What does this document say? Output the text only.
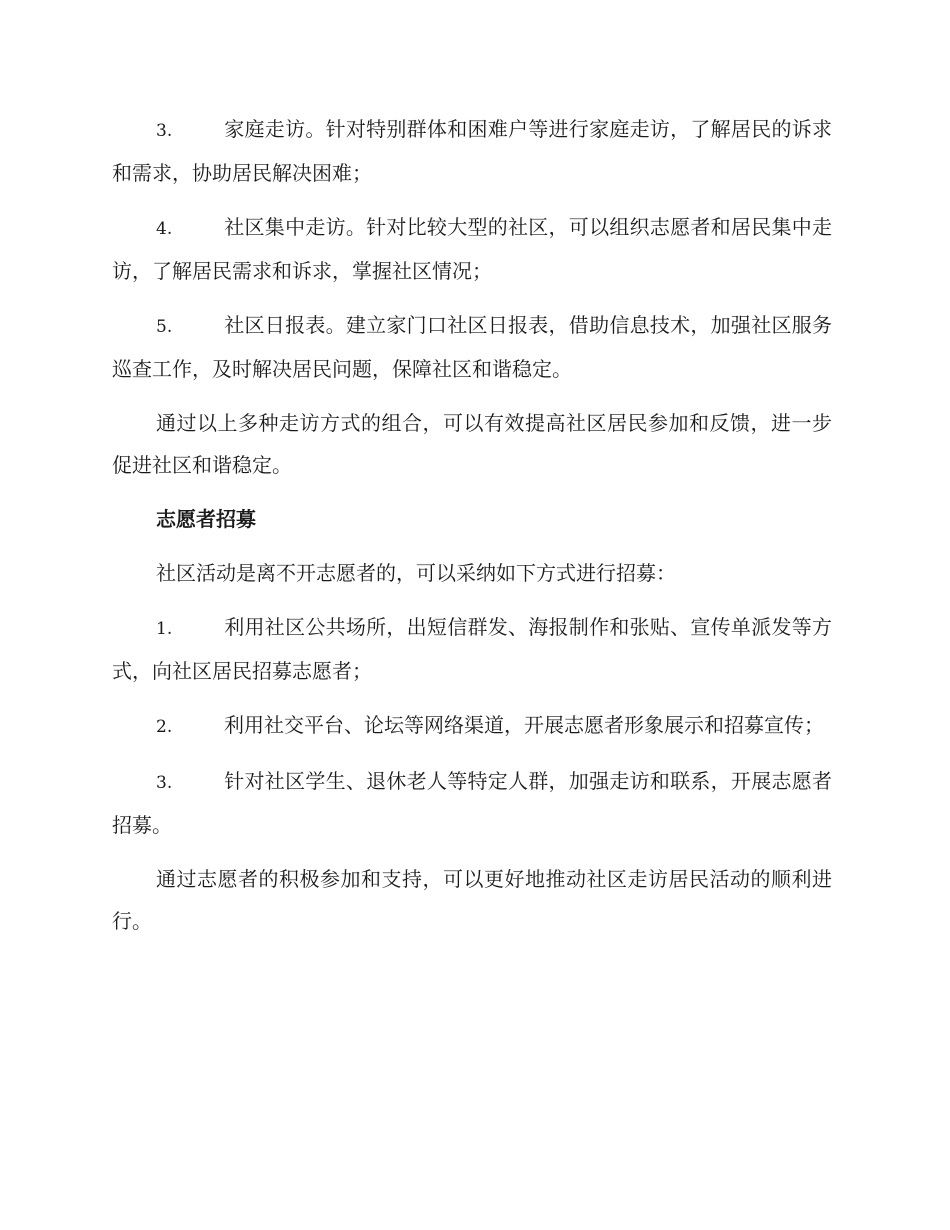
3.	家庭走访。针对特别群体和困难户等进行家庭走访，了解居民的诉求和需求，协助居民解决困难；

4.	社区集中走访。针对比较大型的社区，可以组织志愿者和居民集中走访，了解居民需求和诉求，掌握社区情况；

5.	社区日报表。建立家门口社区日报表，借助信息技术，加强社区服务巡查工作，及时解决居民问题，保障社区和谐稳定。

通过以上多种走访方式的组合，可以有效提高社区居民参加和反馈，进一步促进社区和谐稳定。

志愿者招募

社区活动是离不开志愿者的，可以采纳如下方式进行招募：

1.	利用社区公共场所，出短信群发、海报制作和张贴、宣传单派发等方式，向社区居民招募志愿者；

2.	利用社交平台、论坛等网络渠道，开展志愿者形象展示和招募宣传；

3.	针对社区学生、退休老人等特定人群，加强走访和联系，开展志愿者招募。

通过志愿者的积极参加和支持，可以更好地推动社区走访居民活动的顺利进行。
